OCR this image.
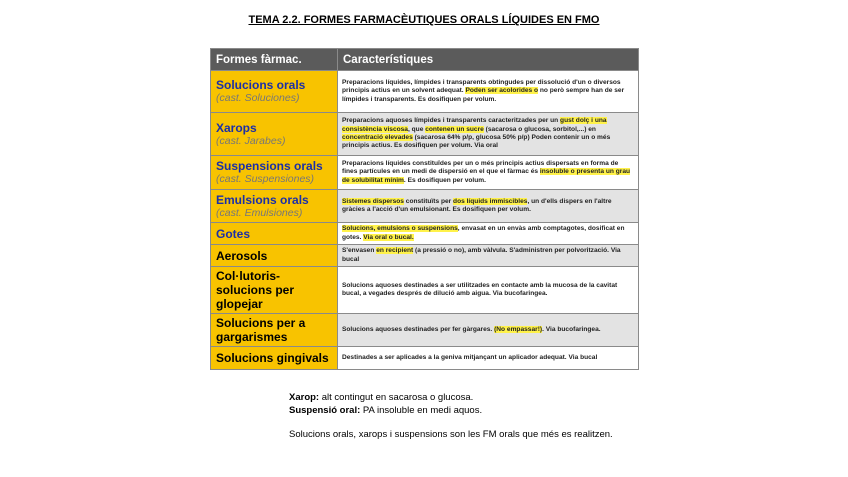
TEMA 2.2. FORMES FARMACÈUTIQUES ORALS LÍQUIDES EN FMO
Formes fàrmac.	Característiques

Solucions orals
(cast. Soluciones)	Preparacions líquides, límpides i transparents obtingudes per dissolució d'un o diversos principis actius en un solvent adequat. Poden ser acolorides o no però sempre han de ser límpides i transparents. Es dosifiquen per volum.

Xarops
(cast. Jarabes)	Preparacions aquoses límpides i transparents caracteritzades per un gust dolç i una consistència viscosa, que contenen un sucre (sacarosa o glucosa, sorbitol,...) en concentració elevades (sacarosa 64% p/p, glucosa 50% p/p) Poden contenir un o més principis actius. Es dosifiquen per volum. Via oral

Suspensions orals
(cast. Suspensiones)	Preparacions líquides constituïdes per un o més principis actius dispersats en forma de fines partícules en un medi de dispersió en el que el fàrmac és insoluble o presenta un grau de solubilitat mínim. Es dosifiquen per volum.

Emulsions orals
(cast. Emulsiones)	Sistemes dispersos constituïts per dos líquids immiscibles, un d'ells dispers en l'altre gràcies a l'acció d'un emulsionant. Es dosifiquen per volum.

Gotes	Solucions, emulsions o suspensions, envasat en un envàs amb comptagotes, dosificat en gotes. Via oral o bucal.

Aerosols	S'envasen en recipient (a pressió o no), amb vàlvula. S'administren per polvorització. Via bucal

Col·lutoris-solucions per glopejar	Solucions aquoses destinades a ser utilitzades en contacte amb la mucosa de la cavitat bucal, a vegades després de dilució amb aigua. Via bucofaringea.

Solucions per a gargarismes	Solucions aquoses destinades per fer gàrgares. (No empassar!). Via bucofaringea.

Solucions gingivals	Destinades a ser aplicades a la geniva mitjançant un aplicador adequat. Via bucal
Xarop: alt contingut en sacarosa o glucosa.
Suspensió oral: PA insoluble en medi aquos.
Solucions orals, xarops i suspensions son les FM orals que més es realitzen.
